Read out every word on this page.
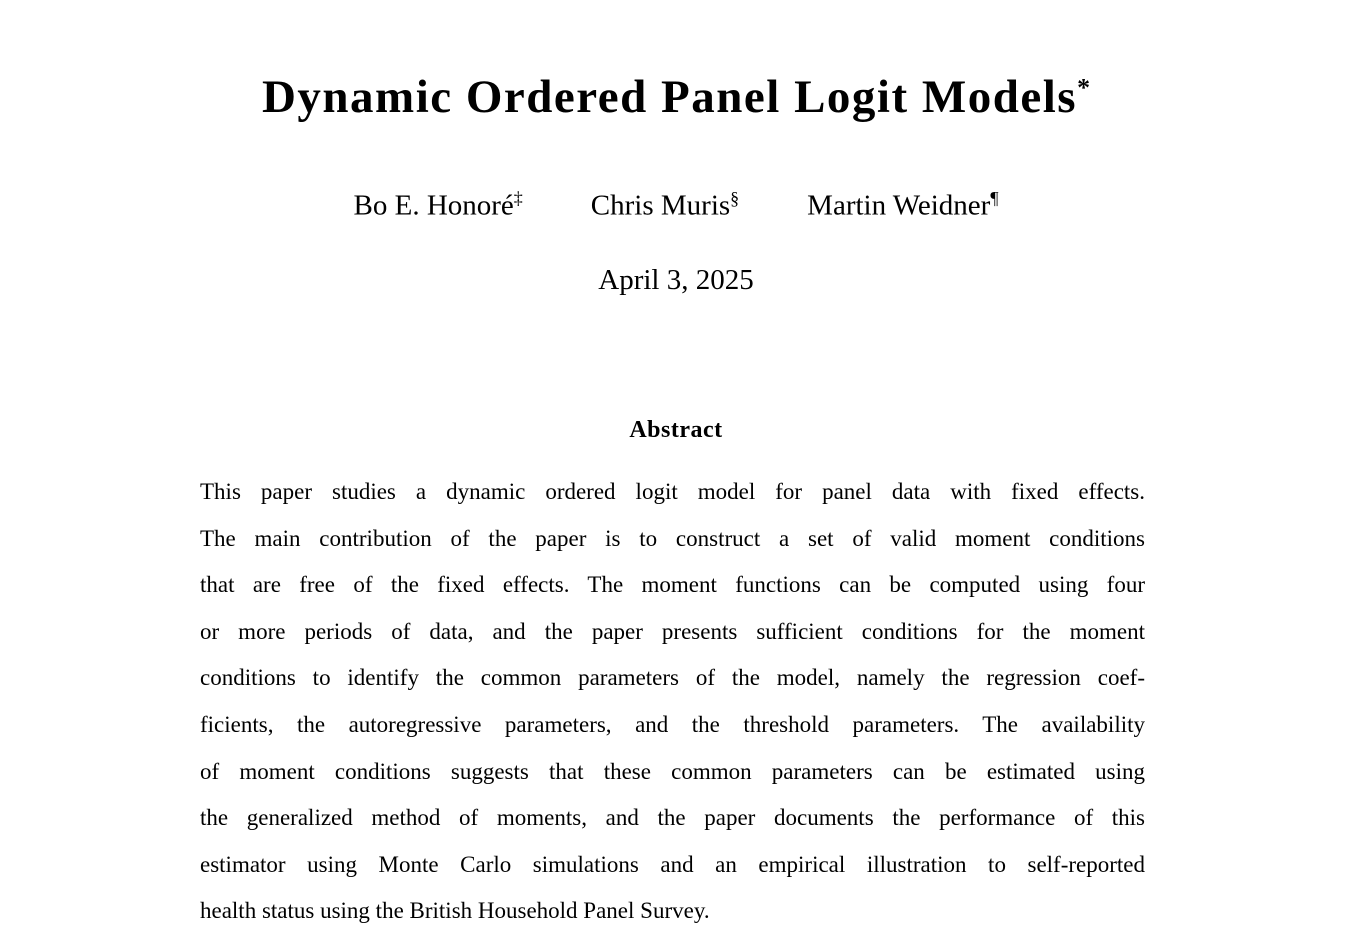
Dynamic Ordered Panel Logit Models*
Bo E. Honoré‡ Chris Muris§ Martin Weidner¶
April 3, 2025
Abstract
This paper studies a dynamic ordered logit model for panel data with fixed effects.
The main contribution of the paper is to construct a set of valid moment conditions
that are free of the fixed effects. The moment functions can be computed using four
or more periods of data, and the paper presents sufficient conditions for the moment
conditions to identify the common parameters of the model, namely the regression coef-
ficients, the autoregressive parameters, and the threshold parameters. The availability
of moment conditions suggests that these common parameters can be estimated using
the generalized method of moments, and the paper documents the performance of this
estimator using Monte Carlo simulations and an empirical illustration to self-reported
health status using the British Household Panel Survey.
